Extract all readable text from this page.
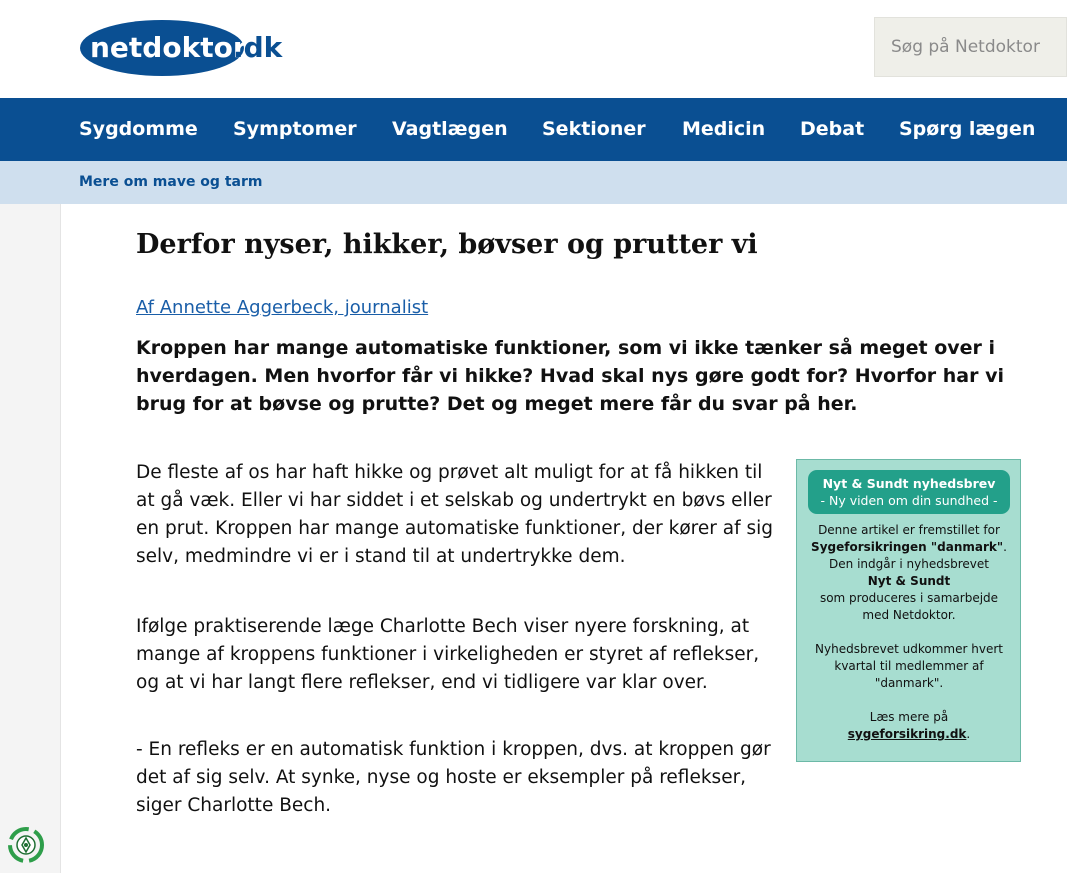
netdoktor
.dk
Søg på Netdoktor
Sygdomme Symptomer Vagtlægen Sektioner Medicin Debat Spørg lægen
Mere om mave og tarm
Derfor nyser, hikker, bøvser og prutter vi
Af Annette Aggerbeck, journalist

Kroppen har mange automatiske funktioner, som vi ikke tænker så meget over i hverdagen. Men hvorfor får vi hikke? Hvad skal nys gøre godt for? Hvorfor har vi brug for at bøvse og prutte? Det og meget mere får du svar på her.

De fleste af os har haft hikke og prøvet alt muligt for at få hikken til at gå væk. Eller vi har siddet i et selskab og undertrykt en bøvs eller en prut. Kroppen har mange automatiske funktioner, der kører af sig selv, medmindre vi er i stand til at undertrykke dem.

Ifølge praktiserende læge Charlotte Bech viser nyere forskning, at mange af kroppens funktioner i virkeligheden er styret af reflekser, og at vi har langt flere reflekser, end vi tidligere var klar over.

- En refleks er en automatisk funktion i kroppen, dvs. at kroppen gør det af sig selv. At synke, nyse og hoste er eksempler på reflekser, siger Charlotte Bech.

Nyt & Sundt nyhedsbrev
- Ny viden om din sundhed -
Denne artikel er fremstillet for
Sygeforsikringen "danmark".
Den indgår i nyhedsbrevet
Nyt & Sundt
som produceres i samarbejde
med Netdoktor.
Nyhedsbrevet udkommer hvert
kvartal til medlemmer af
"danmark".
Læs mere på
sygeforsikring.dk.
